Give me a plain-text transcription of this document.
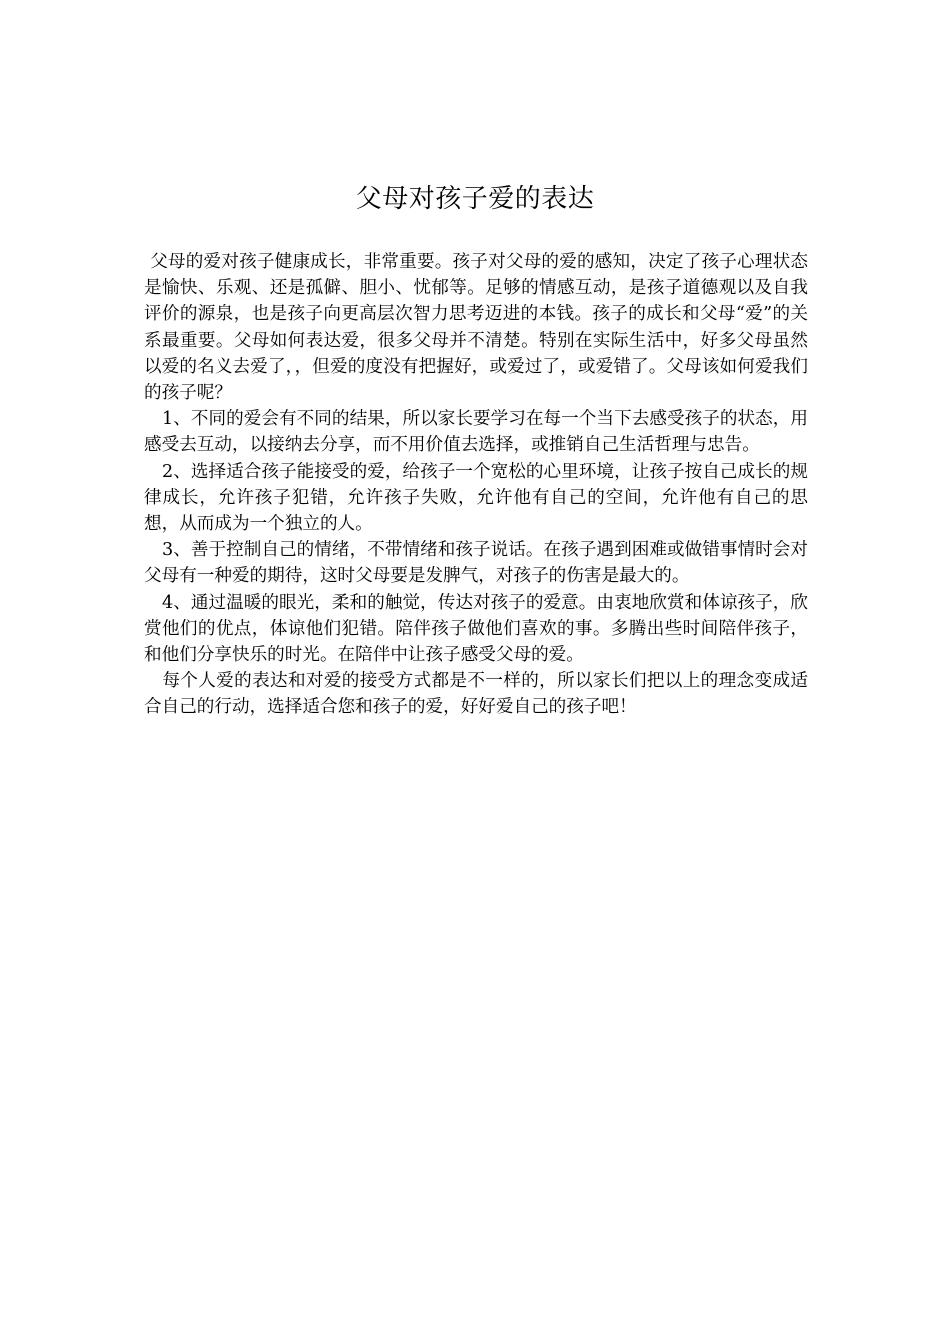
父母对孩子爱的表达

父母的爱对孩子健康成长，非常重要。孩子对父母的爱的感知，决定了孩子心理状态是愉快、乐观、还是孤僻、胆小、忧郁等。足够的情感互动，是孩子道德观以及自我评价的源泉，也是孩子向更高层次智力思考迈进的本钱。孩子的成长和父母“爱”的关系最重要。父母如何表达爱，很多父母并不清楚。特别在实际生活中，好多父母虽然以爱的名义去爱了，，但爱的度没有把握好，或爱过了，或爱错了。父母该如何爱我们的孩子呢？

1、不同的爱会有不同的结果，所以家长要学习在每一个当下去感受孩子的状态，用感受去互动，以接纳去分享，而不用价值去选择，或推销自己生活哲理与忠告。

2、选择适合孩子能接受的爱，给孩子一个宽松的心里环境，让孩子按自己成长的规律成长，允许孩子犯错，允许孩子失败，允许他有自己的空间，允许他有自己的思想，从而成为一个独立的人。

3、善于控制自己的情绪，不带情绪和孩子说话。在孩子遇到困难或做错事情时会对父母有一种爱的期待，这时父母要是发脾气，对孩子的伤害是最大的。

4、通过温暖的眼光，柔和的触觉，传达对孩子的爱意。由衷地欣赏和体谅孩子，欣赏他们的优点，体谅他们犯错。陪伴孩子做他们喜欢的事。多腾出些时间陪伴孩子，和他们分享快乐的时光。在陪伴中让孩子感受父母的爱。

每个人爱的表达和对爱的接受方式都是不一样的，所以家长们把以上的理念变成适合自己的行动，选择适合您和孩子的爱，好好爱自己的孩子吧！
